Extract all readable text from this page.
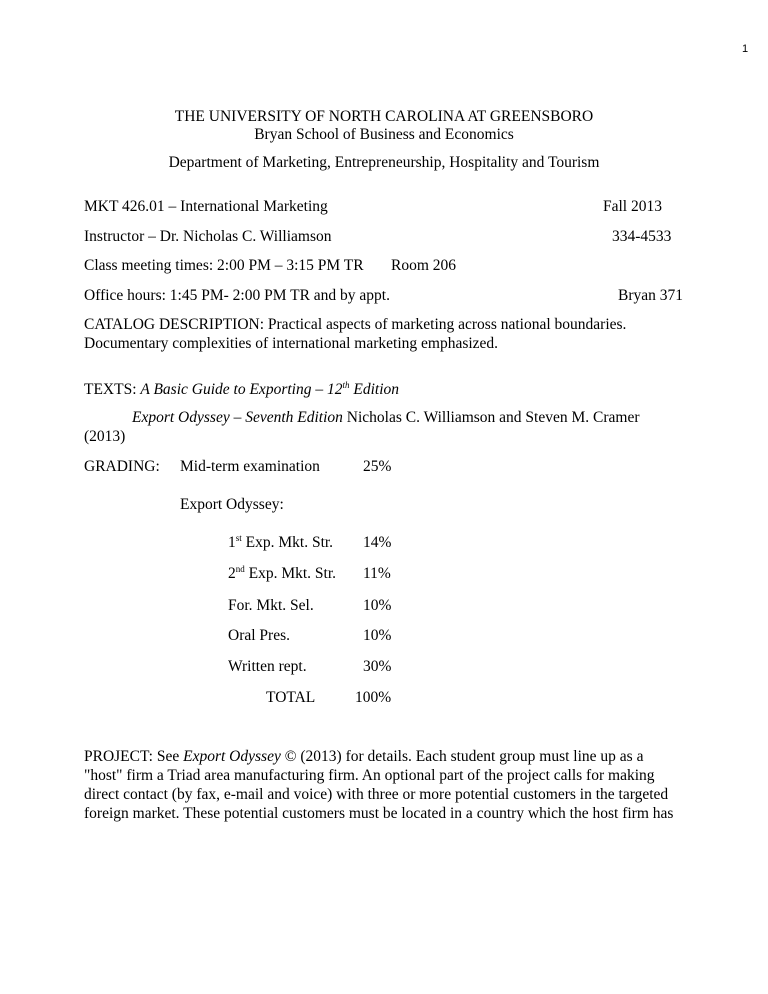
1
THE UNIVERSITY OF NORTH CAROLINA AT GREENSBORO
Bryan School of Business and Economics
Department of Marketing, Entrepreneurship, Hospitality and Tourism
MKT 426.01 – International Marketing	Fall 2013
Instructor – Dr. Nicholas C. Williamson	334-4533
Class meeting times: 2:00 PM – 3:15 PM TR Room 206
Office hours: 1:45 PM- 2:00 PM TR and by appt.	Bryan 371
CATALOG DESCRIPTION: Practical aspects of marketing across national boundaries.
Documentary complexities of international marketing emphasized.
TEXTS: A Basic Guide to Exporting – 12th Edition
Export Odyssey – Seventh Edition Nicholas C. Williamson and Steven M. Cramer
(2013)
GRADING: Mid-term examination	25%
Export Odyssey:
1st Exp. Mkt. Str. 14%
2nd Exp. Mkt. Str. 11%
For. Mkt. Sel.	10%
Oral Pres.	10%
Written rept.	30%
TOTAL	100%
PROJECT: See Export Odyssey © (2013) for details. Each student group must line up as a
"host" firm a Triad area manufacturing firm. An optional part of the project calls for making
direct contact (by fax, e-mail and voice) with three or more potential customers in the targeted
foreign market. These potential customers must be located in a country which the host firm has
